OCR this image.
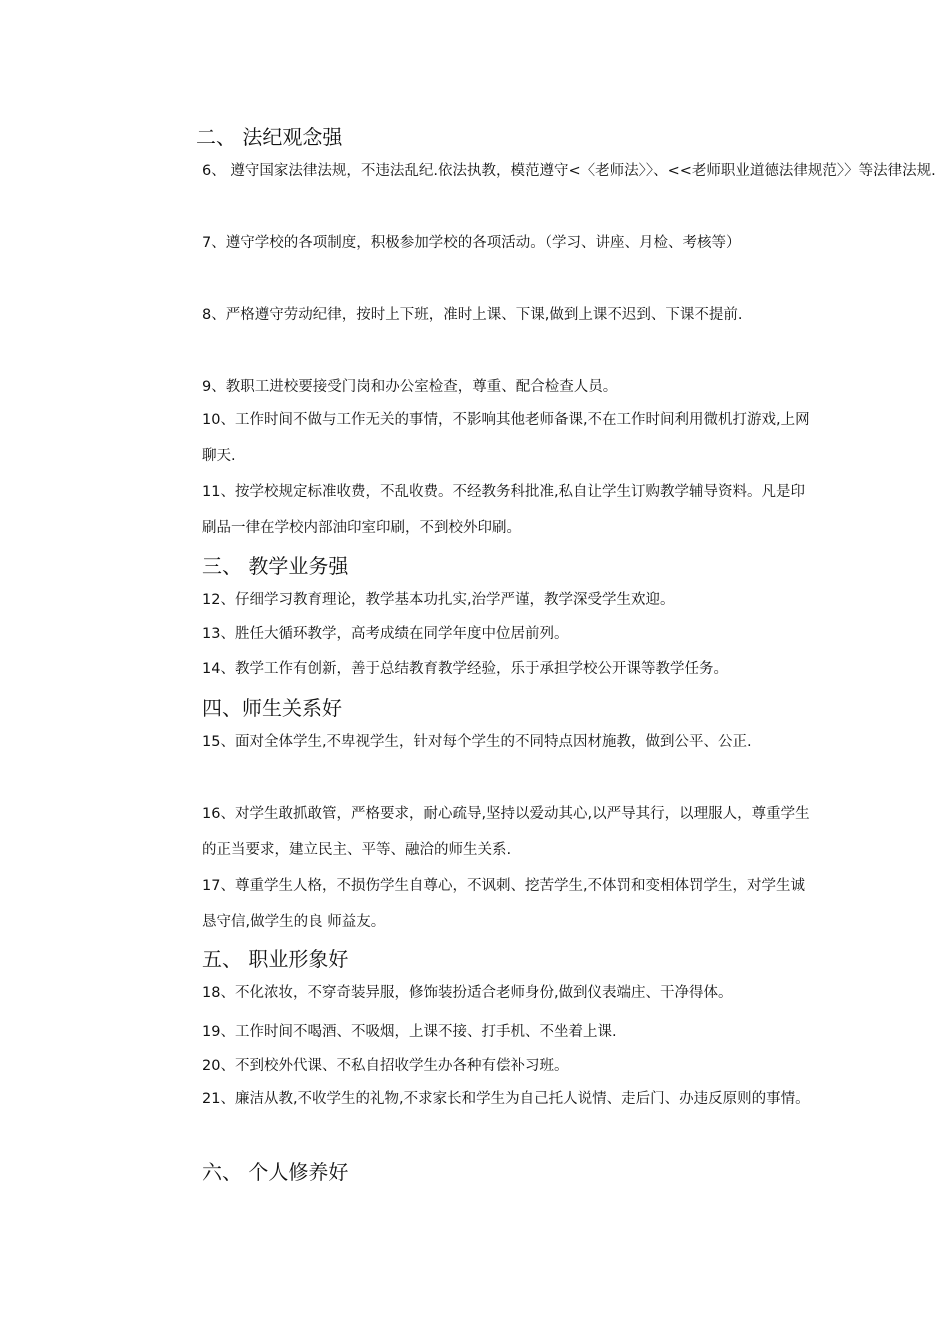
二、 法纪观念强
6、 遵守国家法律法规，不违法乱纪.依法执教，模范遵守<〈老师法〉〉、<<老师职业道德法律规范〉〉等法律法规.
7、遵守学校的各项制度，积极参加学校的各项活动。（学习、讲座、月检、考核等）
8、严格遵守劳动纪律，按时上下班，准时上课、下课,做到上课不迟到、下课不提前.
9、教职工进校要接受门岗和办公室检查，尊重、配合检查人员。
10、工作时间不做与工作无关的事情，不影响其他老师备课,不在工作时间利用微机打游戏,上网聊天.
11、按学校规定标准收费，不乱收费。不经教务科批准,私自让学生订购教学辅导资料。凡是印刷品一律在学校内部油印室印刷，不到校外印刷。
三、 教学业务强
12、仔细学习教育理论，教学基本功扎实,治学严谨，教学深受学生欢迎。
13、胜任大循环教学，高考成绩在同学年度中位居前列。
14、教学工作有创新，善于总结教育教学经验，乐于承担学校公开课等教学任务。
四、师生关系好
15、面对全体学生,不卑视学生，针对每个学生的不同特点因材施教，做到公平、公正.
16、对学生敢抓敢管，严格要求，耐心疏导,坚持以爱动其心,以严导其行，以理服人，尊重学生的正当要求，建立民主、平等、融洽的师生关系.
17、尊重学生人格，不损伤学生自尊心，不讽刺、挖苦学生,不体罚和变相体罚学生，对学生诚恳守信,做学生的良 师益友。
五、 职业形象好
18、不化浓妆，不穿奇装异服，修饰装扮适合老师身份,做到仪表端庄、干净得体。
19、工作时间不喝酒、不吸烟，上课不接、打手机、不坐着上课.
20、不到校外代课、不私自招收学生办各种有偿补习班。
21、廉洁从教,不收学生的礼物,不求家长和学生为自己托人说情、走后门、办违反原则的事情。
六、 个人修养好
